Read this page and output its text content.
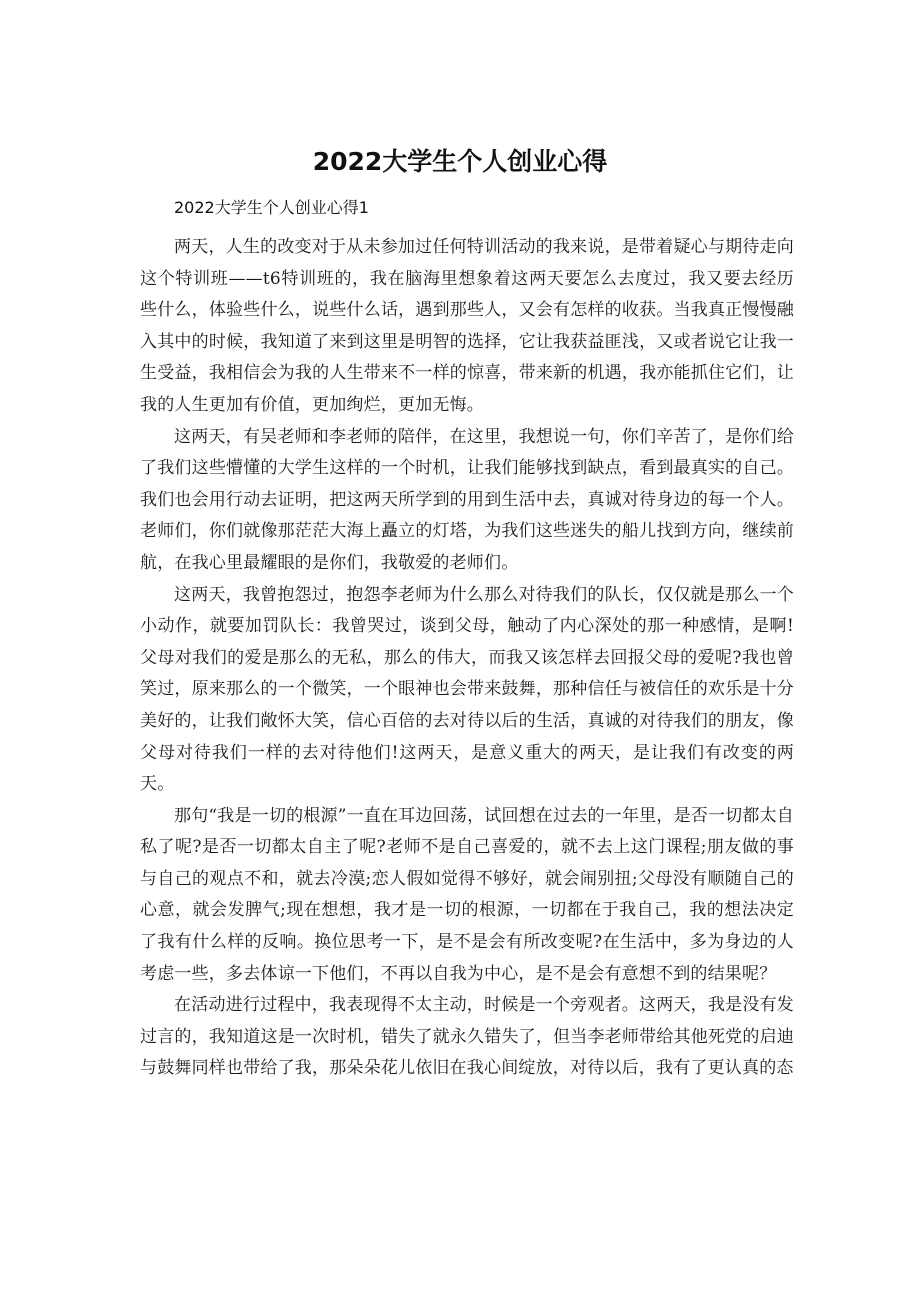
2022大学生个人创业心得
2022大学生个人创业心得1

两天，人生的改变对于从未参加过任何特训活动的我来说，是带着疑心与期待走向这个特训班——t6特训班的，我在脑海里想象着这两天要怎么去度过，我又要去经历些什么，体验些什么，说些什么话，遇到那些人，又会有怎样的收获。当我真正慢慢融入其中的时候，我知道了来到这里是明智的选择，它让我获益匪浅，又或者说它让我一生受益，我相信会为我的人生带来不一样的惊喜，带来新的机遇，我亦能抓住它们，让我的人生更加有价值，更加绚烂，更加无悔。

这两天，有吴老师和李老师的陪伴，在这里，我想说一句，你们辛苦了，是你们给了我们这些懵懂的大学生这样的一个时机，让我们能够找到缺点，看到最真实的自己。我们也会用行动去证明，把这两天所学到的用到生活中去，真诚对待身边的每一个人。老师们，你们就像那茫茫大海上矗立的灯塔，为我们这些迷失的船儿找到方向，继续前航，在我心里最耀眼的是你们，我敬爱的老师们。

这两天，我曾抱怨过，抱怨李老师为什么那么对待我们的队长，仅仅就是那么一个小动作，就要加罚队长：我曾哭过，谈到父母，触动了内心深处的那一种感情，是啊!父母对我们的爱是那么的无私，那么的伟大，而我又该怎样去回报父母的爱呢?我也曾笑过，原来那么的一个微笑，一个眼神也会带来鼓舞，那种信任与被信任的欢乐是十分美好的，让我们敞怀大笑，信心百倍的去对待以后的生活，真诚的对待我们的朋友，像父母对待我们一样的去对待他们!这两天，是意义重大的两天，是让我们有改变的两天。

那句“我是一切的根源”一直在耳边回荡，试回想在过去的一年里，是否一切都太自私了呢?是否一切都太自主了呢?老师不是自己喜爱的，就不去上这门课程;朋友做的事与自己的观点不和，就去冷漠;恋人假如觉得不够好，就会闹别扭;父母没有顺随自己的心意，就会发脾气;现在想想，我才是一切的根源，一切都在于我自己，我的想法决定了我有什么样的反响。换位思考一下，是不是会有所改变呢?在生活中，多为身边的人考虑一些，多去体谅一下他们，不再以自我为中心，是不是会有意想不到的结果呢？

在活动进行过程中，我表现得不太主动，时候是一个旁观者。这两天，我是没有发过言的，我知道这是一次时机，错失了就永久错失了，但当李老师带给其他死党的启迪与鼓舞同样也带给了我，那朵朵花儿依旧在我心间绽放，对待以后，我有了更认真的态
